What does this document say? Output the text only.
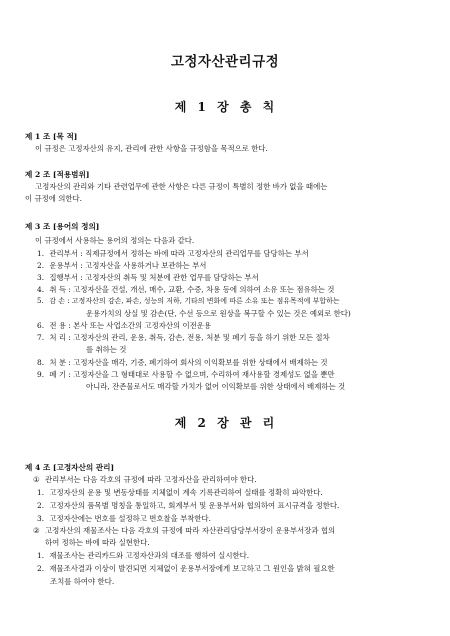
고정자산관리규정
제 1 장 총 칙
제 1 조 [목 적]
이 규정은 고정자산의 유지, 관리에 관한 사항을 규정함을 목적으로 한다.
제 2 조 [적용범위]
고정자산의 관리와 기타 관련업무에 관한 사항은 다른 규정이 특별히 정한 바가 없을 때에는
이 규정에 의한다.
제 3 조 [용어의 정의]
이 규정에서 사용하는 용어의 정의는 다음과 같다.
1. 관리부서 : 직제규정에서 정하는 바에 따라 고정자산의 관리업무를 담당하는 부서
2. 운용부서 : 고정자산을 사용하거나 보관하는 부서
3. 집행부서 : 고정자산의 취득 및 처분에 관한 업무를 담당하는 부서
4. 취 득 : 고정자산을 건설, 개선, 매수, 교환, 수증, 차용 등에 의하여 소유 또는 점유하는 것
5. 감 손 : 고정자산의 감손, 파손, 성능의 저하, 기타의 변화에 따른 소유 또는 점유목적에 부합하는
운용가치의 상실 및 감손(단, 수선 등으로 원상을 복구할 수 있는 것은 예외로 한다)
6. 전 용 : 본사 또는 사업소간의 고정자산의 이전운용
7. 처 리 : 고정자산의 관리, 운용, 취득, 감손, 전용, 처분 및 폐기 등을 하기 위한 모든 절차
를 취하는 것
8. 처 분 : 고정자산을 매각, 기증, 폐기하여 회사의 이익확보를 위한 상태에서 배제하는 것
9. 폐 기 : 고정자산을 그 형태대로 사용할 수 없으며, 수리하여 재사용할 경제성도 없을 뿐만
아니라, 잔존물로서도 매각할 가치가 없어 이익확보를 위한 상태에서 배제하는 것
제 2 장 관 리
제 4 조 [고정자산의 관리]
① 관리부서는 다음 각호의 규정에 따라 고정자산을 관리하여야 한다.
1. 고정자산의 운용 및 변동상태를 지체없이 계속 기록관리하여 실태를 정확히 파악한다.
2. 고정자산의 품목별 명칭을 통일하고, 회계부서 및 운용부서와 협의하여 표시규격을 정한다.
3. 고정자산에는 번호를 설정하고 번호찰을 부착한다.
② 고정자산의 재물조사는 다음 각호의 규정에 따라 자산관리담당부서장이 운용부서장과 협의
하여 정하는 바에 따라 실현한다.
1. 재물조사는 관리카드와 고정자산과의 대조를 행하여 실시한다.
2. 재물조사결과 이상이 발견되면 지체없이 운용부서장에게 보고하고 그 원인을 밝혀 필요한
조치를 하여야 한다.
